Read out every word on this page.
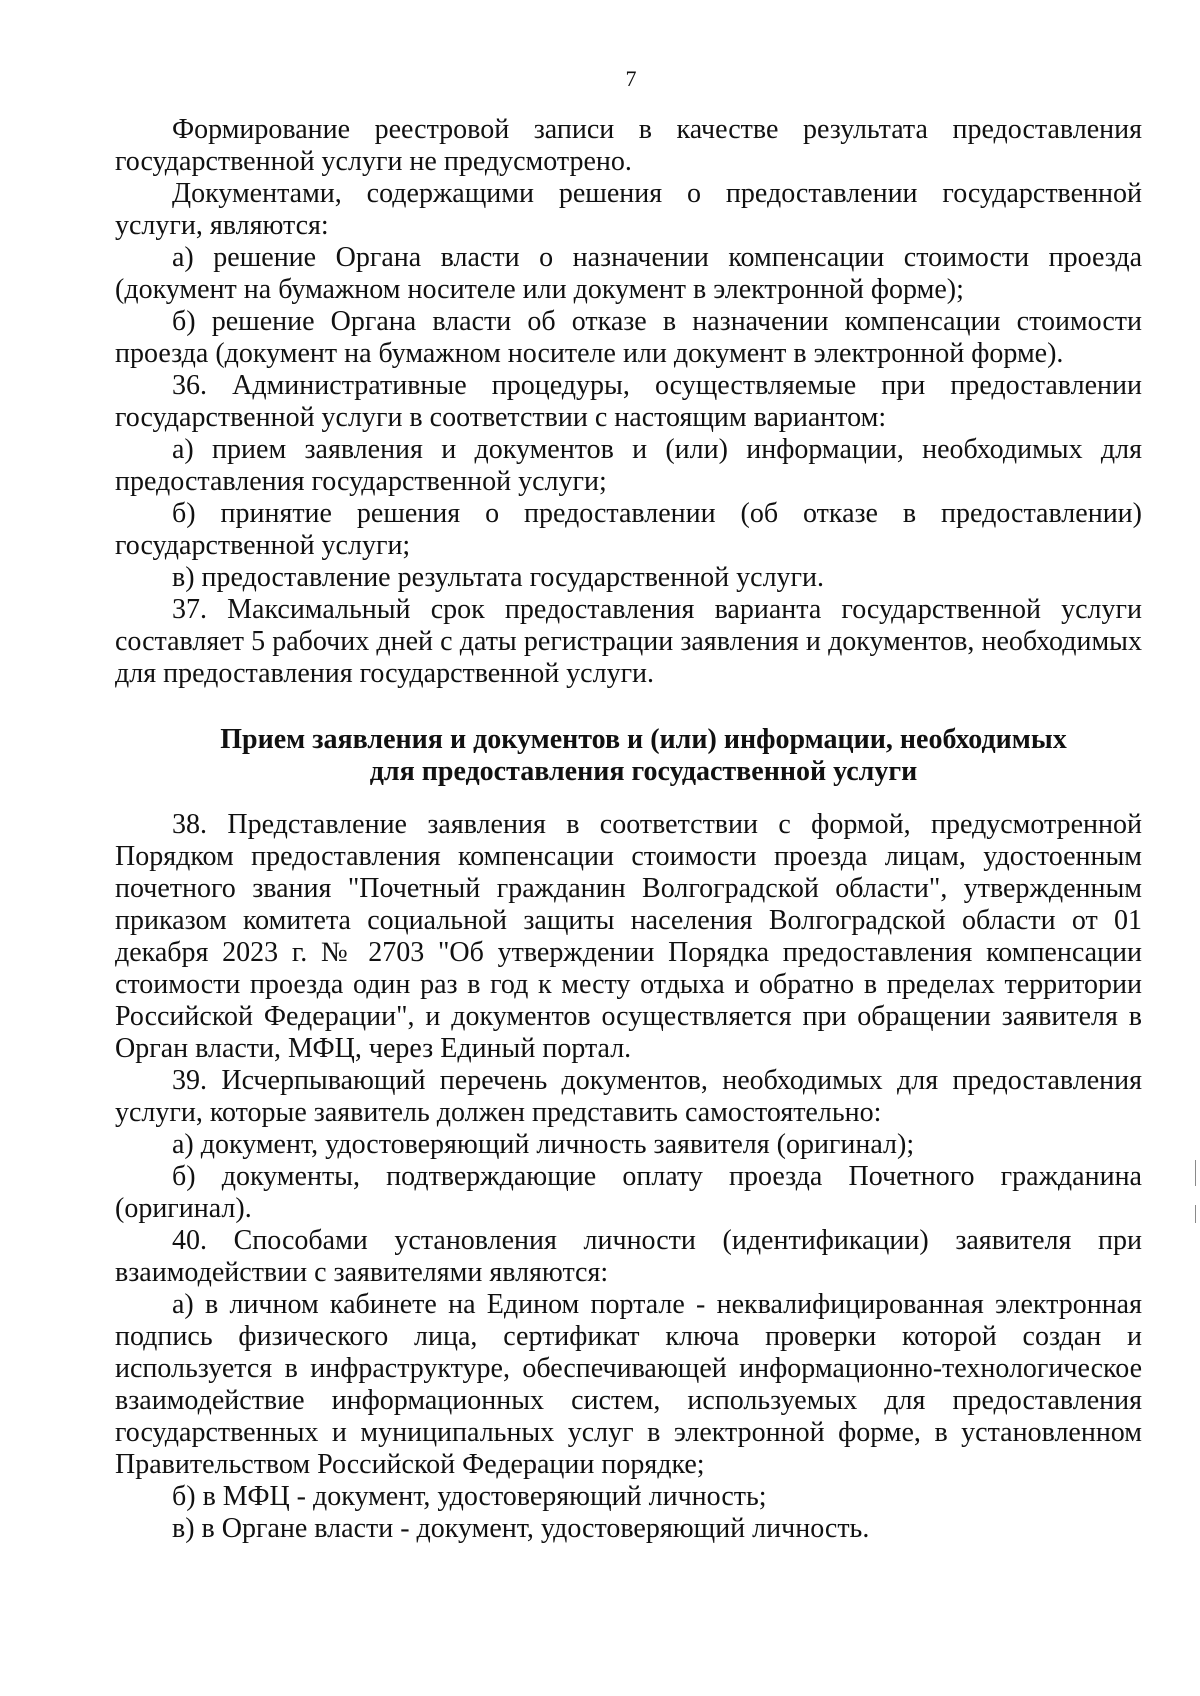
7

Формирование реестровой записи в качестве результата предоставления государственной услуги не предусмотрено.

Документами, содержащими решения о предоставлении государственной услуги, являются:

а) решение Органа власти о назначении компенсации стоимости проезда (документ на бумажном носителе или документ в электронной форме);

б) решение Органа власти об отказе в назначении компенсации стоимости проезда (документ на бумажном носителе или документ в электронной форме).

36. Административные процедуры, осуществляемые при предоставлении государственной услуги в соответствии с настоящим вариантом:

а) прием заявления и документов и (или) информации, необходимых для предоставления государственной услуги;

б) принятие решения о предоставлении (об отказе в предоставлении) государственной услуги;

в) предоставление результата государственной услуги.

37. Максимальный срок предоставления варианта государственной услуги составляет 5 рабочих дней с даты регистрации заявления и документов, необходимых для предоставления государственной услуги.

Прием заявления и документов и (или) информации, необходимых
для предоставления госудаственной услуги

38. Представление заявления в соответствии с формой, предусмотренной Порядком предоставления компенсации стоимости проезда лицам, удостоенным почетного звания "Почетный гражданин Волгоградской области", утвержденным приказом комитета социальной защиты населения Волгоградской области от 01 декабря 2023 г. № 2703 "Об утверждении Порядка предоставления компенсации стоимости проезда один раз в год к месту отдыха и обратно в пределах территории Российской Федерации", и документов осуществляется при обращении заявителя в Орган власти, МФЦ, через Единый портал.

39. Исчерпывающий перечень документов, необходимых для предоставления услуги, которые заявитель должен представить самостоятельно:

а) документ, удостоверяющий личность заявителя (оригинал);

б) документы, подтверждающие оплату проезда Почетного гражданина (оригинал).

40. Способами установления личности (идентификации) заявителя при взаимодействии с заявителями являются:

а) в личном кабинете на Едином портале - неквалифицированная электронная подпись физического лица, сертификат ключа проверки которой создан и используется в инфраструктуре, обеспечивающей информационно-технологическое взаимодействие информационных систем, используемых для предоставления государственных и муниципальных услуг в электронной форме, в установленном Правительством Российской Федерации порядке;

б) в МФЦ - документ, удостоверяющий личность;

в) в Органе власти - документ, удостоверяющий личность.
